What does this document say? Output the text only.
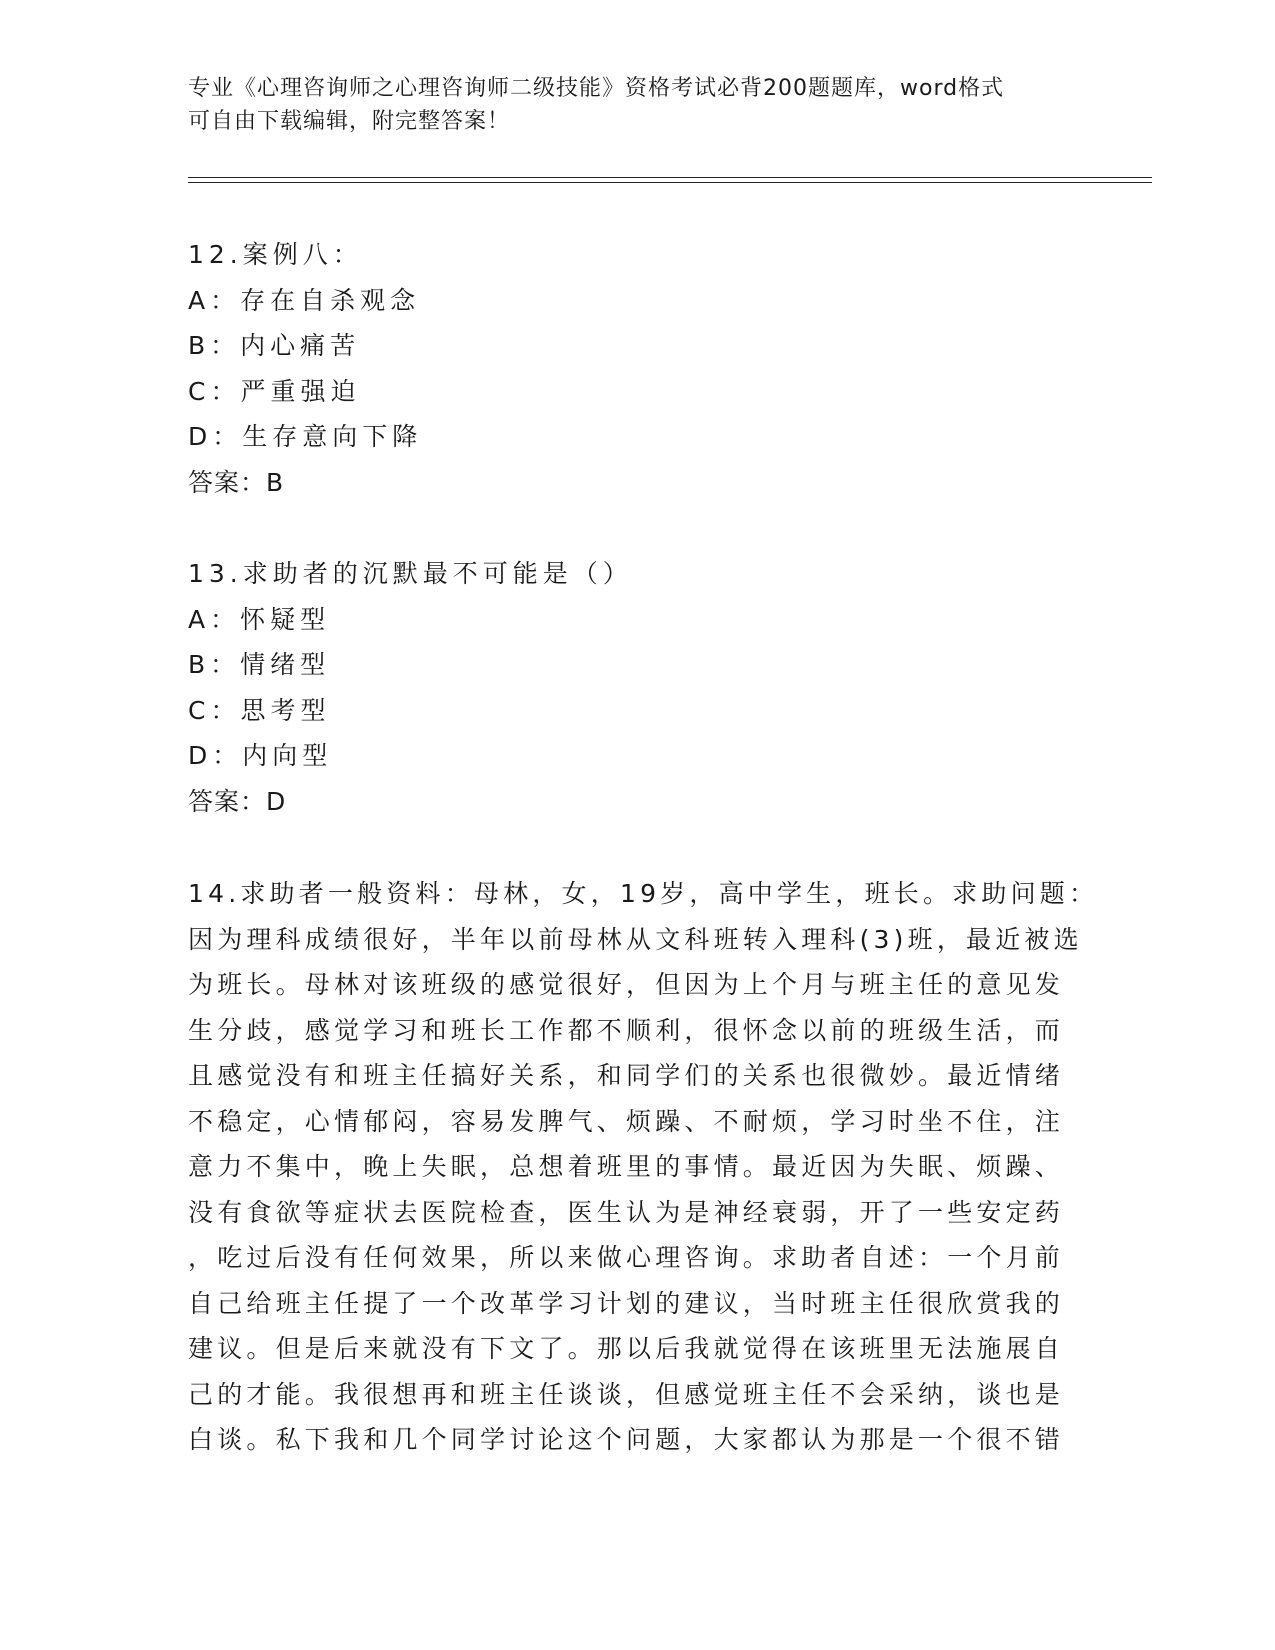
专业《心理咨询师之心理咨询师二级技能》资格考试必背200题题库，word格式
可自由下载编辑，附完整答案！
12.案例八：
A：存在自杀观念
B：内心痛苦
C：严重强迫
D：生存意向下降
答案：B
13.求助者的沉默最不可能是（）
A：怀疑型
B：情绪型
C：思考型
D：内向型
答案：D
14.求助者一般资料：母林，女，19岁，高中学生，班长。求助问题：
因为理科成绩很好，半年以前母林从文科班转入理科(3)班，最近被选
为班长。母林对该班级的感觉很好，但因为上个月与班主任的意见发
生分歧，感觉学习和班长工作都不顺利，很怀念以前的班级生活，而
且感觉没有和班主任搞好关系，和同学们的关系也很微妙。最近情绪
不稳定，心情郁闷，容易发脾气、烦躁、不耐烦，学习时坐不住，注
意力不集中，晚上失眠，总想着班里的事情。最近因为失眠、烦躁、
没有食欲等症状去医院检查，医生认为是神经衰弱，开了一些安定药
，吃过后没有任何效果，所以来做心理咨询。求助者自述：一个月前
自己给班主任提了一个改革学习计划的建议，当时班主任很欣赏我的
建议。但是后来就没有下文了。那以后我就觉得在该班里无法施展自
己的才能。我很想再和班主任谈谈，但感觉班主任不会采纳，谈也是
白谈。私下我和几个同学讨论这个问题，大家都认为那是一个很不错
